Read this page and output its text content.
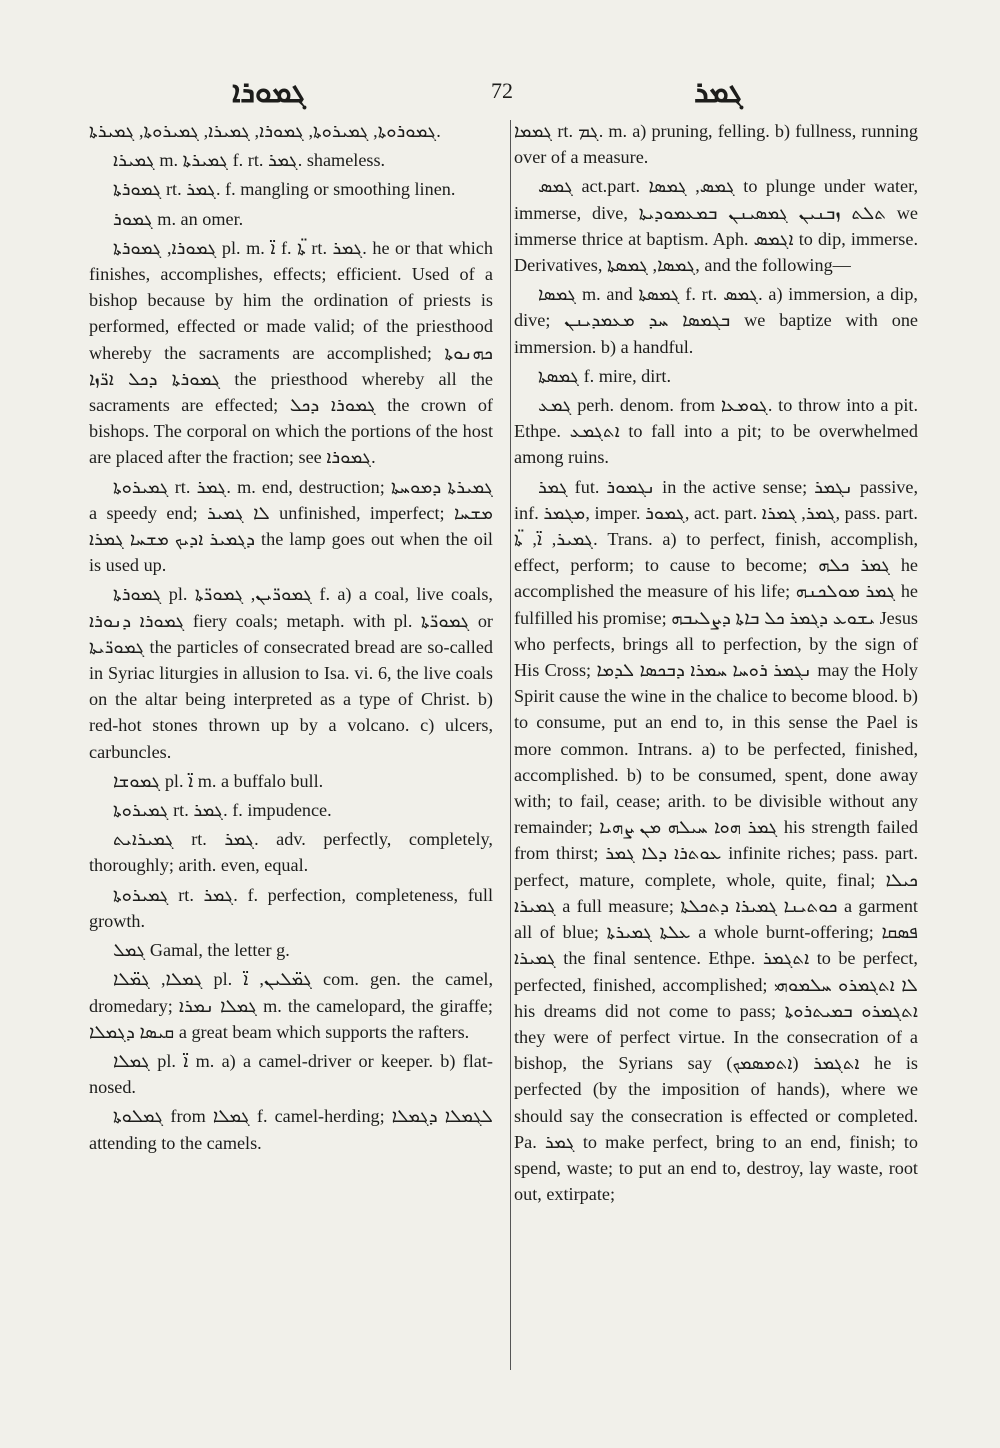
ܓܡܘܪܐ	72	ܓܡܪ

ܓܡܘܪܘܬܐ, ܓܡܝܪܘܬܐ, ܓܡܘܪܐ, ܓܡܝܪܐ, ܓܡܝܪܘܬܐ, ܓܡܝܪܬܐ.

ܓܡܝܪܐ m. ܓܡܝܪܬܐ f. rt. ܓܡܪ. shameless.

ܓܡܘܪܬܐ rt. ܓܡܪ. f. mangling or smoothing linen.

ܓܡܘܪ m. an omer.

ܓܡܘܪܐ, ܓܡܘܪܬܐ pl. m. ܐ̈ f. ܬ̈ܐ rt. ܓܡܪ. he or that which finishes, accomplishes, effects; efficient. Used of a bishop because by him the ordination of priests is performed, effected or made valid; of the priesthood whereby the sacraments are accomplished; ܟܗܢܘܬܐ ܓܡܘܪܬܐ ܕܟܠ ܐܪ̈ܙܐ the priesthood whereby all the sacraments are effected; ܓܡܘܪܐ ܕܟܠ the crown of bishops. The corporal on which the portions of the host are placed after the fraction; see ܓܡܘܪܐ.

ܓܡܝܪܘܬܐ rt. ܓܡܪ. m. end, destruction; ܓܡܝܪܬܐ ܕܡܘܚܬܐ a speedy end; ܠܐ ܓܡܝܪ unfinished, imperfect; ܡܫܚܐ ܕܓܡܝܪ ܐܕܝܟ ܡܫܚܐ ܓܡܪܐ the lamp goes out when the oil is used up.

ܓܡܘܪܬܐ pl. ܓܡܘܪ̈ܝܢ, ܓܡܘܪ̈ܬܐ f. a) a coal, live coals, ܓܡܘܪܐ ܕܢܘܪܐ fiery coals; metaph. with pl. ܓܡܘܪ̈ܬܐ or ܓܡܘܪ̈ܝܬܐ the particles of consecrated bread are so-called in Syriac liturgies in allusion to Isa. vi. 6, the live coals on the altar being interpreted as a type of Christ. b) red-hot stones thrown up by a volcano. c) ulcers, carbuncles.

ܓܡܘܫܐ pl. ܐ̈ m. a buffalo bull.

ܓܡܝܪܘܬܐ rt. ܓܡܪ. f. impudence.

ܓܡܝܪܐܝܬ rt. ܓܡܪ. adv. perfectly, completely, thoroughly; arith. even, equal.

ܓܡܝܪܘܬܐ rt. ܓܡܪ. f. perfection, completeness, full growth.

ܓܡܠ Gamal, the letter g.

ܓܡܠܐ, ܓܡ̈ܠܐ pl. ܓܡ̈ܠܝܢ, ܐ̈ com. gen. the camel, dromedary; ܓܡܠܐ ܢܡܪܐ m. the camelopard, the giraffe; ܩܝܣܐ ܕܓܡܠܐ a great beam which supports the rafters.

ܓܡܠܐ pl. ܐ̈ m. a) a camel-driver or keeper. b) flat-nosed.

ܓܡܠܘܬܐ from ܓܡܠܐ f. camel-herding; ܠܓܡܠܐ ܕܓܡܠܐ attending to the camels.

ܓܡܡܐ rt. ܓܡ. m. a) pruning, felling. b) fullness, running over of a measure.

ܓܡܣ act.part. ܓܡܣ, ܓܡܣܐ to plunge under water, immerse, dive, ܬܠܬ ܙܒܢܝܢ ܓܡܣܝܢܢ ܒܡܥܡܘܕܝܬܐ we immerse thrice at baptism. Aph. ܐܓܡܣ to dip, immerse. Derivatives, ܓܡܣܐ, ܓܡܣܬܐ, and the following—

ܓܡܣܐ m. and ܓܡܣܬܐ f. rt. ܓܡܣ. a) immersion, a dip, dive; ܒܓܡܣܐ ܚܕ ܡܥܡܕܝܢܢ we baptize with one immersion. b) a handful.

ܓܡܣܬܐ f. mire, dirt.

ܓܡܥ perh. denom. from ܓܘܡܥܐ. to throw into a pit. Ethpe. ܐܬܓܡܥ to fall into a pit; to be overwhelmed among ruins.

ܓܡܪ fut. ܢܓܡܘܪ in the active sense; ܢܓܡܪ passive, inf. ܡܓܡܪ, imper. ܓܡܘܪ, act. part. ܓܡܪ, ܓܡܪܐ, pass. part. ܓܡܝܪ, ܐ̈, ܬܐ̈. Trans. a) to perfect, finish, accomplish, effect, perform; to cause to become; ܓܡܪ ܟܠܗ he accomplished the measure of his life; ܓܡܪ ܡܘܠܟܢܗ he fulfilled his promise; ܝܫܘܥ ܕܓܡܪ ܟܠ ܒܐܬܐ ܕܨܠܝܒܗ Jesus who perfects, brings all to perfection, by the sign of His Cross; ܢܓܡܪ ܪܘܚܐ ܚܡܪܐ ܕܒܟܣܐ ܠܕܡܐ may the Holy Spirit cause the wine in the chalice to become blood. b) to consume, put an end to, in this sense the Pael is more common. Intrans. a) to be perfected, finished, accomplished. b) to be consumed, spent, done away with; to fail, cease; arith. to be divisible without any remainder; ܓܡܪ ܗܘܐ ܚܝܠܗ ܡܢ ܨܗܝܐ his strength failed from thirst; ܥܘܬܪܐ ܕܠܐ ܓܡܪ infinite riches; pass. part. perfect, mature, complete, whole, quite, final; ܟܝܠܐ ܓܡܝܪܐ a full measure; ܟܘܬܝܢܐ ܓܡܝܪܐ ܕܬܟܠܬܐ a garment all of blue; ܥܠܬܐ ܓܡܝܪܬܐ a whole burnt-offering; ܦܣܩܐ ܓܡܝܪܐ the final sentence. Ethpe. ܐܬܓܡܪ to be perfect, perfected, finished, accomplished; ܠܐ ܐܬܓܡܪܘ ܚܠܡܘܗܝ his dreams did not come to pass; ܐܬܓܡܪܘ ܒܡܝܬܪܘܬܐ they were of perfect virtue. In the consecration of a bishop, the Syrians say ܐܬܓܡܪ (ܐܬܡܣܡܟ) he is perfected (by the imposition of hands), where we should say the consecration is effected or completed. Pa. ܓܡܪ to make perfect, bring to an end, finish; to spend, waste; to put an end to, destroy, lay waste, root out, extirpate;
